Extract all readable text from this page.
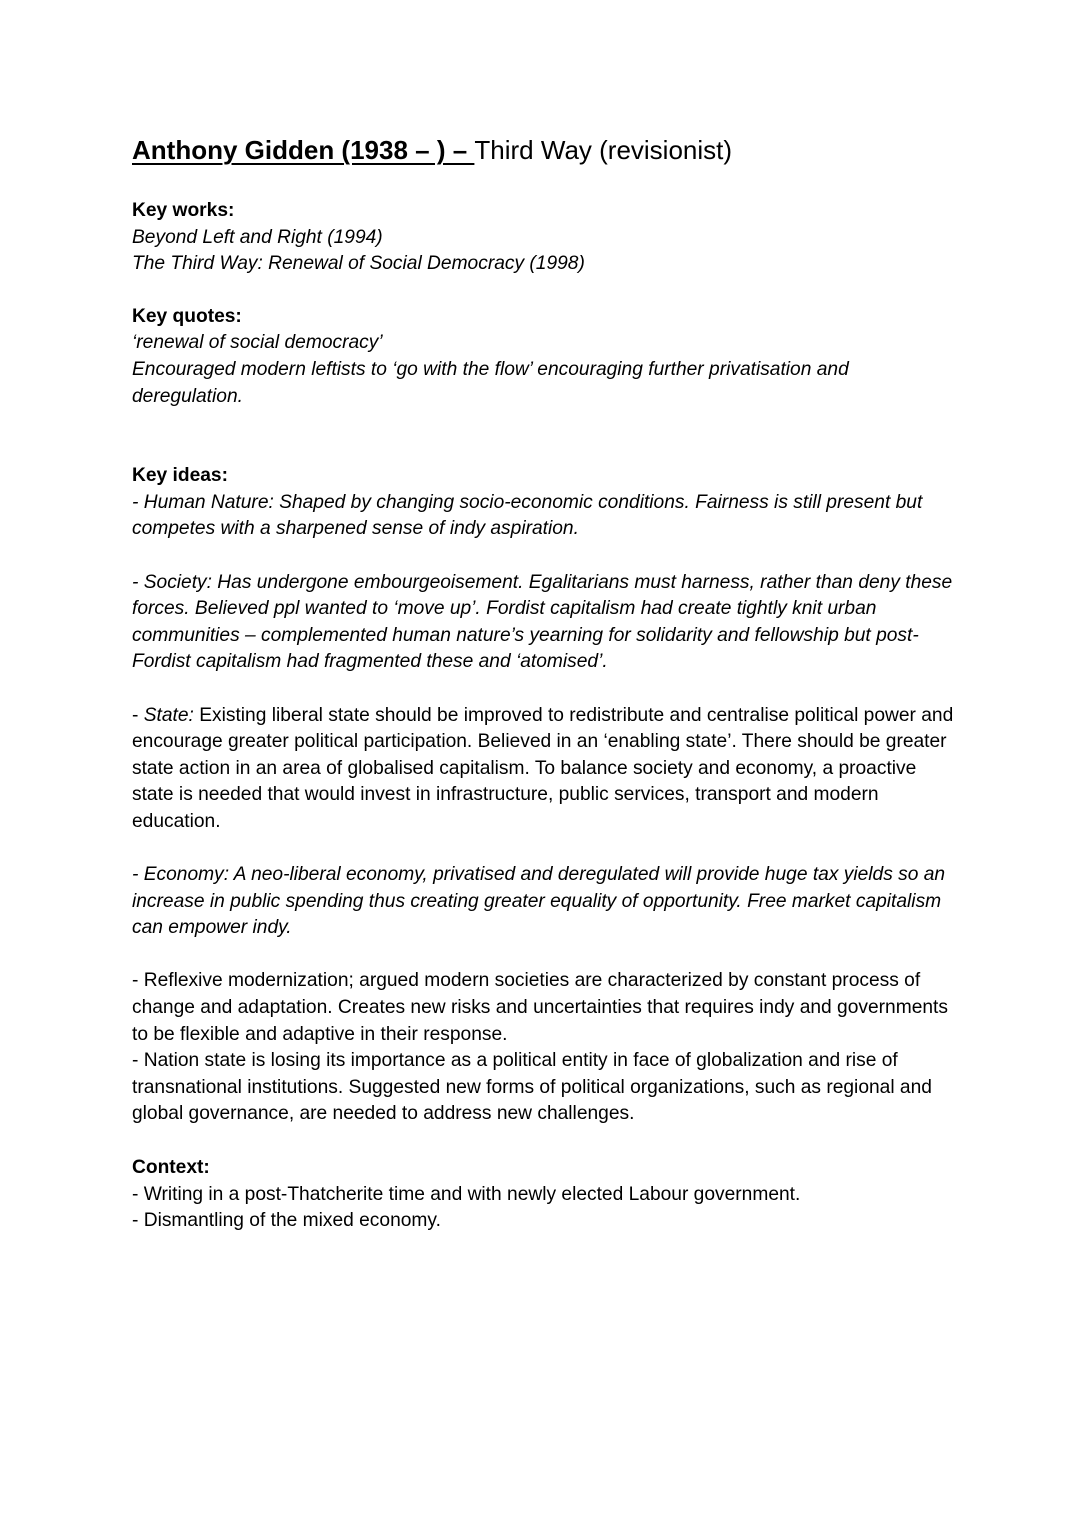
Anthony Gidden (1938 – ) – Third Way (revisionist)

Key works:

Beyond Left and Right (1994)

The Third Way: Renewal of Social Democracy (1998)

Key quotes:

‘renewal of social democracy’

Encouraged modern leftists to ‘go with the flow’ encouraging further privatisation and deregulation.

Key ideas:

- Human Nature: Shaped by changing socio-economic conditions. Fairness is still present but competes with a sharpened sense of indy aspiration.

- Society: Has undergone embourgeoisement. Egalitarians must harness, rather than deny these forces. Believed ppl wanted to ‘move up’. Fordist capitalism had create tightly knit urban communities – complemented human nature’s yearning for solidarity and fellowship but post-Fordist capitalism had fragmented these and ‘atomised’.

- State: Existing liberal state should be improved to redistribute and centralise political power and encourage greater political participation. Believed in an ‘enabling state’. There should be greater state action in an area of globalised capitalism. To balance society and economy, a proactive state is needed that would invest in infrastructure, public services, transport and modern education.

- Economy: A neo-liberal economy, privatised and deregulated will provide huge tax yields so an increase in public spending thus creating greater equality of opportunity. Free market capitalism can empower indy.

- Reflexive modernization; argued modern societies are characterized by constant process of change and adaptation. Creates new risks and uncertainties that requires indy and governments to be flexible and adaptive in their response.

- Nation state is losing its importance as a political entity in face of globalization and rise of transnational institutions. Suggested new forms of political organizations, such as regional and global governance, are needed to address new challenges.

Context:

- Writing in a post-Thatcherite time and with newly elected Labour government.

- Dismantling of the mixed economy.
